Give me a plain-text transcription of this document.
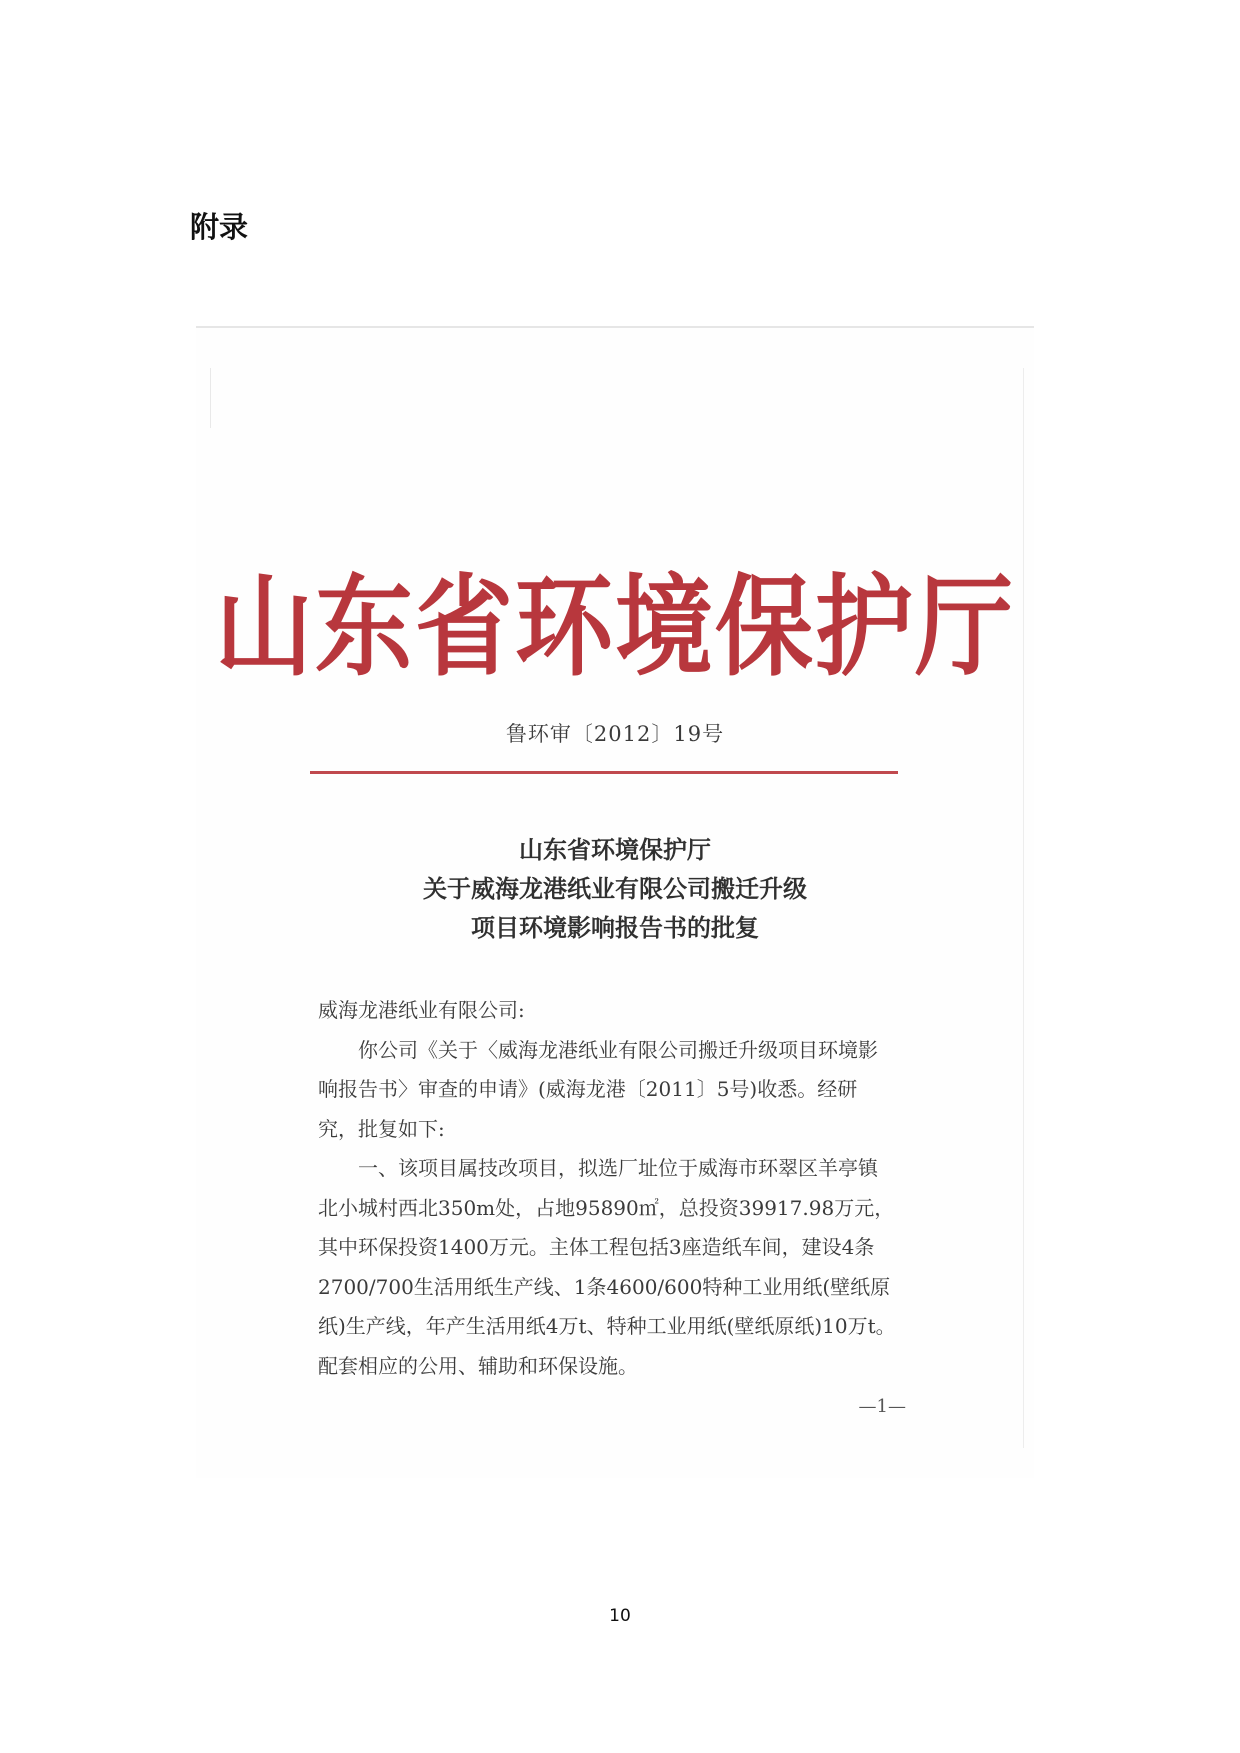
附录
山东省环境保护厅
鲁环审〔2012〕19号
山东省环境保护厅
关于威海龙港纸业有限公司搬迁升级
项目环境影响报告书的批复

威海龙港纸业有限公司:

你公司《关于〈威海龙港纸业有限公司搬迁升级项目环境影响报告书〉审查的申请》(威海龙港〔2011〕5号)收悉。经研究，批复如下:

一、该项目属技改项目，拟选厂址位于威海市环翠区羊亭镇北小城村西北350m处，占地95890㎡，总投资39917.98万元，其中环保投资1400万元。主体工程包括3座造纸车间，建设4条2700/700生活用纸生产线、1条4600/600特种工业用纸(壁纸原纸)生产线，年产生活用纸4万t、特种工业用纸(壁纸原纸)10万t。配套相应的公用、辅助和环保设施。

—1—
10
